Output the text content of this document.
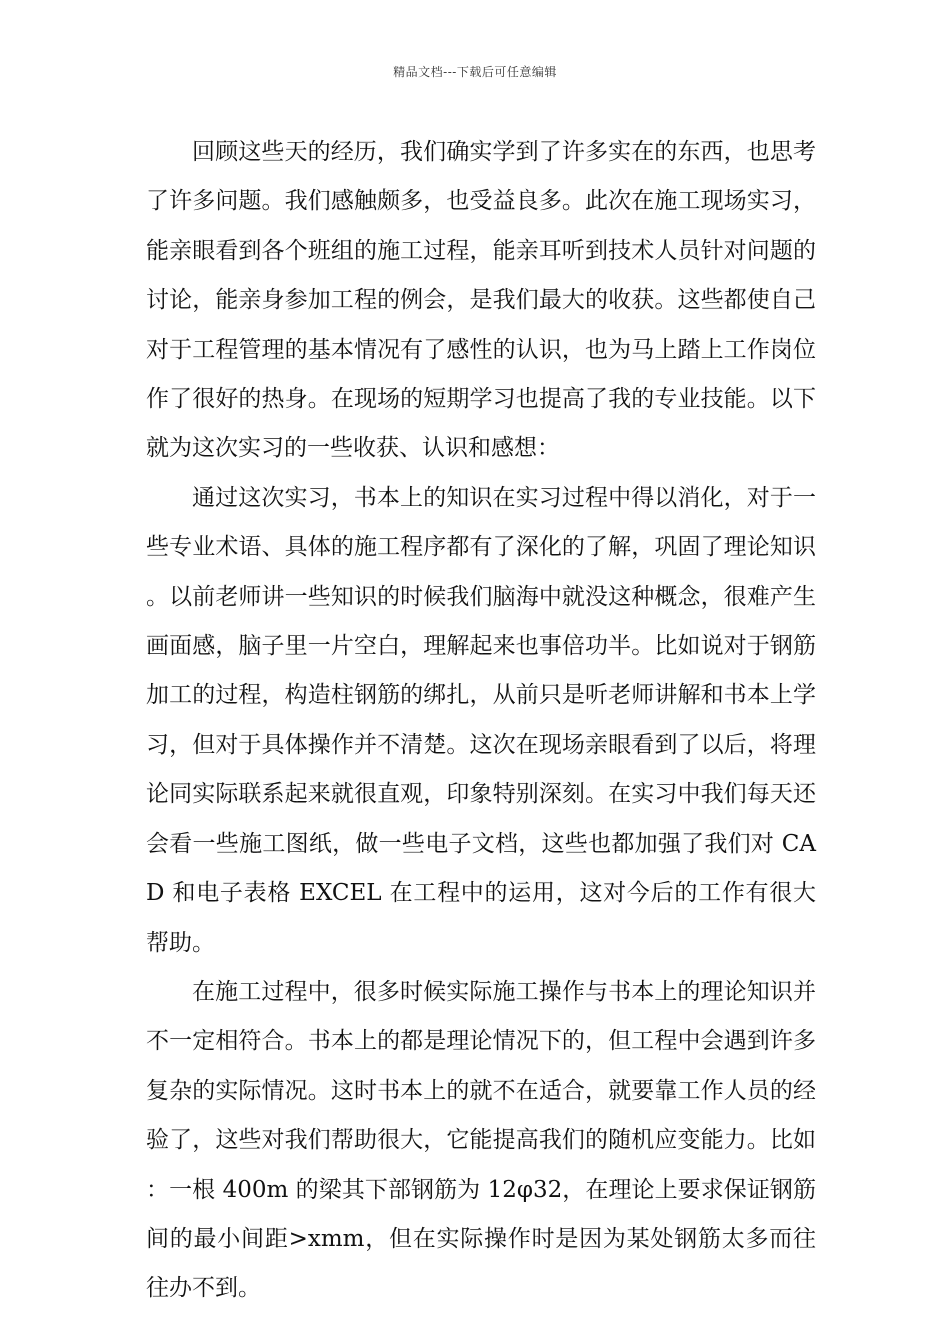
精品文档---下载后可任意编辑

回顾这些天的经历，我们确实学到了许多实在的东西，也思考了许多问题。我们感触颇多，也受益良多。此次在施工现场实习，能亲眼看到各个班组的施工过程，能亲耳听到技术人员针对问题的讨论，能亲身参加工程的例会，是我们最大的收获。这些都使自己对于工程管理的基本情况有了感性的认识，也为马上踏上工作岗位作了很好的热身。在现场的短期学习也提高了我的专业技能。以下就为这次实习的一些收获、认识和感想：

通过这次实习，书本上的知识在实习过程中得以消化，对于一些专业术语、具体的施工程序都有了深化的了解，巩固了理论知识。以前老师讲一些知识的时候我们脑海中就没这种概念，很难产生画面感，脑子里一片空白，理解起来也事倍功半。比如说对于钢筋加工的过程，构造柱钢筋的绑扎，从前只是听老师讲解和书本上学习，但对于具体操作并不清楚。这次在现场亲眼看到了以后，将理论同实际联系起来就很直观，印象特别深刻。在实习中我们每天还会看一些施工图纸，做一些电子文档，这些也都加强了我们对 CAD 和电子表格 EXCEL 在工程中的运用，这对今后的工作有很大帮助。

在施工过程中，很多时候实际施工操作与书本上的理论知识并不一定相符合。书本上的都是理论情况下的，但工程中会遇到许多复杂的实际情况。这时书本上的就不在适合，就要靠工作人员的经验了，这些对我们帮助很大，它能提高我们的随机应变能力。比如：一根 400m 的梁其下部钢筋为 12φ32，在理论上要求保证钢筋间的最小间距>xmm，但在实际操作时是因为某处钢筋太多而往往办不到。
